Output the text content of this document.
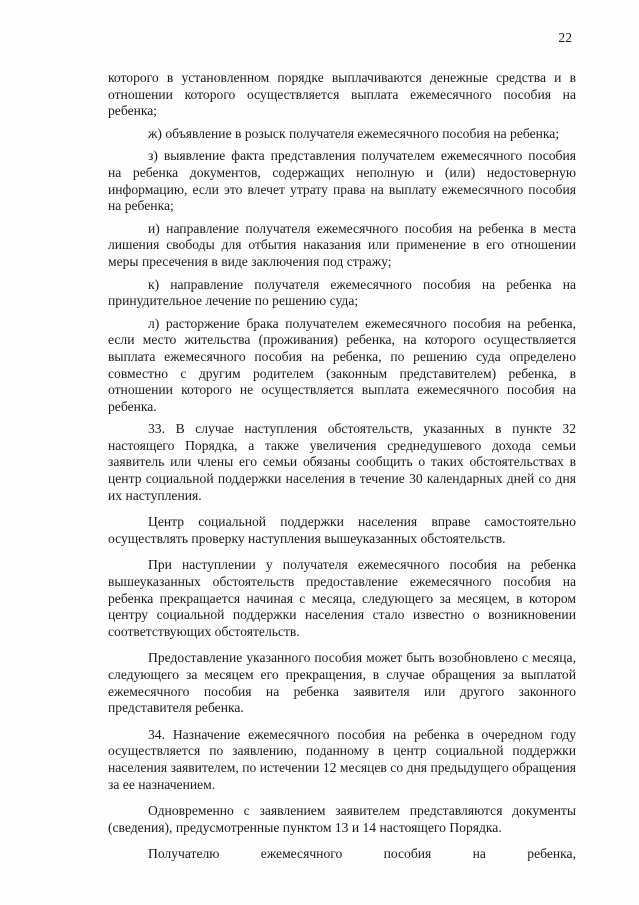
22

которого в установленном порядке выплачиваются денежные средства и в отношении которого осуществляется выплата ежемесячного пособия на ребенка;

ж) объявление в розыск получателя ежемесячного пособия на ребенка;

з) выявление факта представления получателем ежемесячного пособия на ребенка документов, содержащих неполную и (или) недостоверную информацию, если это влечет утрату права на выплату ежемесячного пособия на ребенка;

и) направление получателя ежемесячного пособия на ребенка в места лишения свободы для отбытия наказания или применение в его отношении меры пресечения в виде заключения под стражу;

к) направление получателя ежемесячного пособия на ребенка на принудительное лечение по решению суда;

л) расторжение брака получателем ежемесячного пособия на ребенка, если место жительства (проживания) ребенка, на которого осуществляется выплата ежемесячного пособия на ребенка, по решению суда определено совместно с другим родителем (законным представителем) ребенка, в отношении которого не осуществляется выплата ежемесячного пособия на ребенка.

33. В случае наступления обстоятельств, указанных в пункте 32 настоящего Порядка, а также увеличения среднедушевого дохода семьи заявитель или члены его семьи обязаны сообщить о таких обстоятельствах в центр социальной поддержки населения в течение 30 календарных дней со дня их наступления.

Центр социальной поддержки населения вправе самостоятельно осуществлять проверку наступления вышеуказанных обстоятельств.

При наступлении у получателя ежемесячного пособия на ребенка вышеуказанных обстоятельств предоставление ежемесячного пособия на ребенка прекращается начиная с месяца, следующего за месяцем, в котором центру социальной поддержки населения стало известно о возникновении соответствующих обстоятельств.

Предоставление указанного пособия может быть возобновлено с месяца, следующего за месяцем его прекращения, в случае обращения за выплатой ежемесячного пособия на ребенка заявителя или другого законного представителя ребенка.

34. Назначение ежемесячного пособия на ребенка в очередном году осуществляется по заявлению, поданному в центр социальной поддержки населения заявителем, по истечении 12 месяцев со дня предыдущего обращения за ее назначением.

Одновременно с заявлением заявителем представляются документы (сведения), предусмотренные пунктом 13 и 14 настоящего Порядка.

Получателю ежемесячного пособия на ребенка,
